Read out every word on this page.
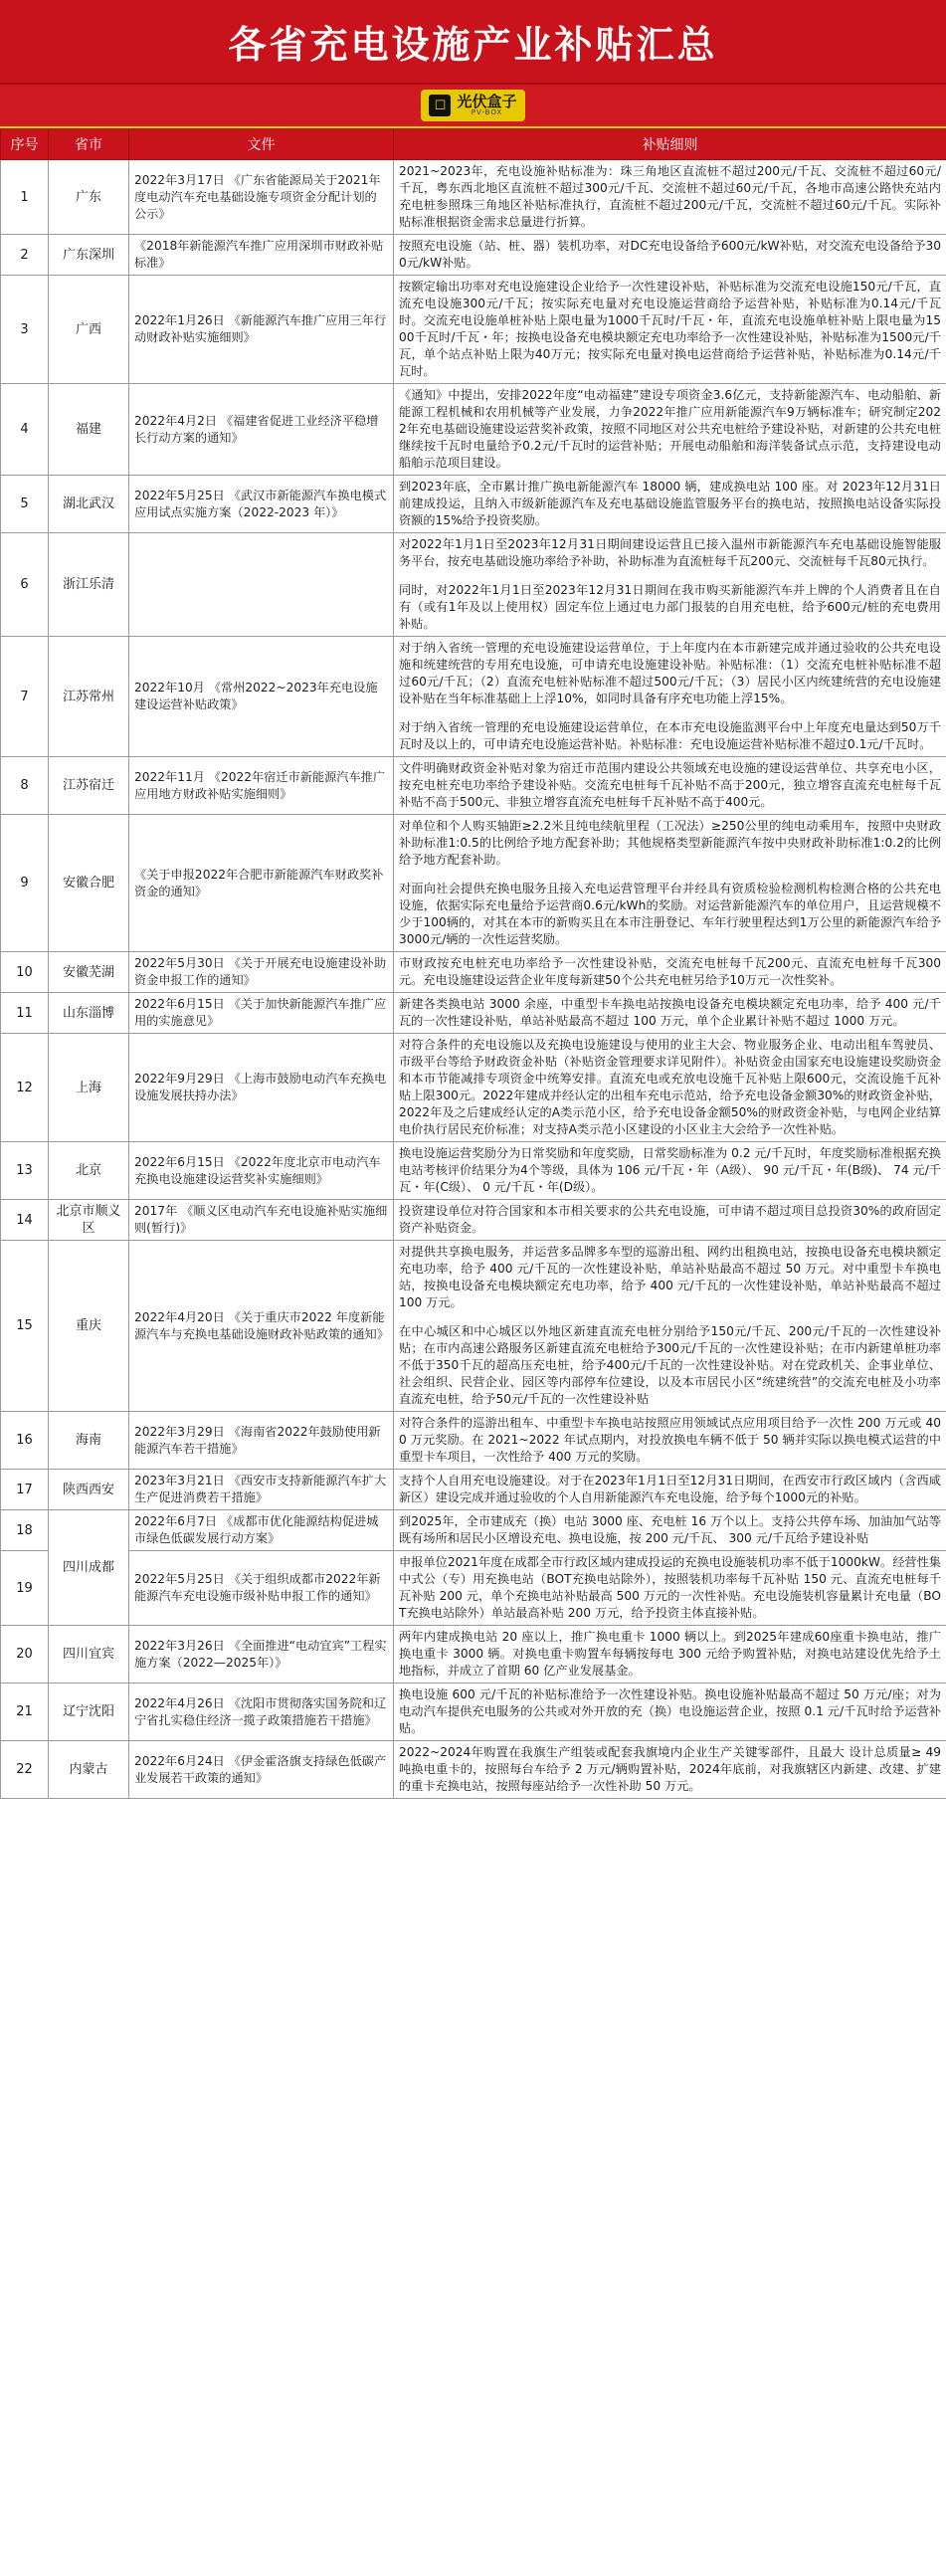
各省充电设施产业补贴汇总
☐ 光伏盒子
PV-BOX
序号	省市	文件	补贴细则
1	广东	2022年3月17日 《广东省能源局关于2021年度电动汽车充电基础设施专项资金分配计划的公示》	2021~2023年，充电设施补贴标准为：珠三角地区直流桩不超过200元/千瓦、交流桩不超过60元/千瓦，粤东西北地区直流桩不超过300元/千瓦、交流桩不超过60元/千瓦，各地市高速公路快充站内充电桩参照珠三角地区补贴标准执行，直流桩不超过200元/千瓦，交流桩不超过60元/千瓦。实际补贴标准根据资金需求总量进行折算。

2	广东深圳	《2018年新能源汽车推广应用深圳市财政补贴标准》	按照充电设施（站、桩、器）装机功率，对DC充电设备给予600元/kW补贴，对交流充电设备给予300元/kW补贴。

3	广西	2022年1月26日 《新能源汽车推广应用三年行动财政补贴实施细则》	按额定输出功率对充电设施建设企业给予一次性建设补贴，补贴标准为交流充电设施150元/千瓦，直流充电设施300元/千瓦；按实际充电量对充电设施运营商给予运营补贴，补贴标准为0.14元/千瓦时。交流充电设施单桩补贴上限电量为1000千瓦时/千瓦・年，直流充电设施单桩补贴上限电量为1500千瓦时/千瓦・年；按换电设备充电模块额定充电功率给予一次性建设补贴，补贴标准为1500元/千瓦，单个站点补贴上限为40万元；按实际充电量对换电运营商给予运营补贴，补贴标准为0.14元/千瓦时。

4	福建	2022年4月2日 《福建省促进工业经济平稳增长行动方案的通知》	《通知》中提出，安排2022年度“电动福建”建设专项资金3.6亿元，支持新能源汽车、电动船舶、新能源工程机械和农用机械等产业发展，力争2022年推广应用新能源汽车9万辆标准车；研究制定2022年充电基础设施建设运营奖补政策，按照不同地区对公共充电桩给予建设补贴，对新建的公共充电桩继续按千瓦时电量给予0.2元/千瓦时的运营补贴；开展电动船舶和海洋装备试点示范，支持建设电动船舶示范项目建设。

5	湖北武汉	2022年5月25日 《武汉市新能源汽车换电模式应用试点实施方案（2022-2023 年）》	到2023年底，全市累计推广换电新能源汽车 18000 辆，建成换电站 100 座。对 2023年12月31日前建成投运，且纳入市级新能源汽车及充电基础设施监管服务平台的换电站，按照换电站设备实际投资额的15%给予投资奖励。

6	浙江乐清		对2022年1月1日至2023年12月31日期间建设运营且已接入温州市新能源汽车充电基础设施智能服务平台，按充电基础设施功率给予补助，补助标准为直流桩每千瓦200元、交流桩每千瓦80元执行。
同时，对2022年1月1日至2023年12月31日期间在我市购买新能源汽车并上牌的个人消费者且在自有（或有1年及以上使用权）固定车位上通过电力部门报装的自用充电桩，给予600元/桩的充电费用补贴。

7	江苏常州	2022年10月 《常州2022~2023年充电设施建设运营补贴政策》	对于纳入省统一管理的充电设施建设运营单位，于上年度内在本市新建完成并通过验收的公共充电设施和统建统营的专用充电设施，可申请充电设施建设补贴。补贴标准：（1）交流充电桩补贴标准不超过60元/千瓦；（2）直流充电桩补贴标准不超过500元/千瓦；（3）居民小区内统建统营的充电设施建设补贴在当年标准基础上上浮10%，如同时具备有序充电功能上浮15%。
对于纳入省统一管理的充电设施建设运营单位，在本市充电设施监测平台中上年度充电量达到50万千瓦时及以上的，可申请充电设施运营补贴。补贴标准：充电设施运营补贴标准不超过0.1元/千瓦时。

8	江苏宿迁	2022年11月 《2022年宿迁市新能源汽车推广应用地方财政补贴实施细则》	文件明确财政资金补贴对象为宿迁市范围内建设公共领域充电设施的建设运营单位、共享充电小区，按充电桩充电功率给予建设补贴。交流充电桩每千瓦补贴不高于200元，独立增容直流充电桩每千瓦补贴不高于500元、非独立增容直流充电桩每千瓦补贴不高于400元。

9	安徽合肥	《关于申报2022年合肥市新能源汽车财政奖补资金的通知》	对单位和个人购买轴距≥2.2米且纯电续航里程（工况法）≥250公里的纯电动乘用车，按照中央财政补助标准1:0.5的比例给予地方配套补助；其他规格类型新能源汽车按中央财政补助标准1:0.2的比例给予地方配套补助。
对面向社会提供充换电服务且接入充电运营管理平台并经具有资质检验检测机构检测合格的公共充电设施，依据实际充电量给予运营商0.6元/kWh的奖励。对运营新能源汽车的单位用户，且运营规模不少于100辆的，对其在本市的新购买且在本市注册登记、车年行驶里程达到1万公里的新能源汽车给予3000元/辆的一次性运营奖励。

10	安徽芜湖	2022年5月30日 《关于开展充电设施建设补助资金申报工作的通知》	市财政按充电桩充电功率给予一次性建设补贴，交流充电桩每千瓦200元、直流充电桩每千瓦300元。充电设施建设运营企业年度每新建50个公共充电桩另给予10万元一次性奖补。

11	山东淄博	2022年6月15日 《关于加快新能源汽车推广应用的实施意见》	新建各类换电站 3000 余座，中重型卡车换电站按换电设备充电模块额定充电功率，给予 400 元/千瓦的一次性建设补贴，单站补贴最高不超过 100 万元，单个企业累计补贴不超过 1000 万元。

12	上海	2022年9月29日 《上海市鼓励电动汽车充换电设施发展扶持办法》	对符合条件的充电设施以及充换电设施建设与使用的业主大会、物业服务企业、电动出租车驾驶员、市级平台等给予财政资金补贴（补贴资金管理要求详见附件）。补贴资金由国家充电设施建设奖励资金和本市节能减排专项资金中统筹安排。直流充电或充放电设施千瓦补贴上限600元，交流设施千瓦补贴上限300元。2022年建成并经认定的出租车充电示范站，给予充电设备金额30%的财政资金补贴，2022年及之后建成经认定的A类示范小区，给予充电设备金额50%的财政资金补贴，与电网企业结算电价执行居民充价标准；对支持A类示范小区建设的小区业主大会给予一次性补贴。

13	北京	2022年6月15日 《2022年度北京市电动汽车充换电设施建设运营奖补实施细则》	换电设施运营奖励分为日常奖励和年度奖励，日常奖励标准为 0.2 元/千瓦时，年度奖励标准根据充换电站考核评价结果分为4个等级，具体为 106 元/千瓦・年（A级）、 90 元/千瓦・年(B级)、 74 元/千瓦・年(C级）、 0 元/千瓦・年(D级）。

14	北京市顺义区	2017年 《顺义区电动汽车充电设施补贴实施细则(暂行)》	投资建设单位对符合国家和本市相关要求的公共充电设施，可申请不超过项目总投资30%的政府固定资产补贴资金。

15	重庆	2022年4月20日 《关于重庆市2022 年度新能源汽车与充换电基础设施财政补贴政策的通知》	对提供共享换电服务，并运营多品牌多车型的巡游出租、网约出租换电站，按换电设备充电模块额定充电功率，给予 400 元/千瓦的一次性建设补贴，单站补贴最高不超过 50 万元。对中重型卡车换电站，按换电设备充电模块额定充电功率，给予 400 元/千瓦的一次性建设补贴，单站补贴最高不超过 100 万元。
在中心城区和中心城区以外地区新建直流充电桩分别给予150元/千瓦、200元/千瓦的一次性建设补贴；在市内高速公路服务区新建直流充电桩给予300元/千瓦的一次性建设补贴；在市内新建单桩功率不低于350千瓦的超高压充电桩，给予400元/千瓦的一次性建设补贴。对在党政机关、企事业单位、社会组织、民营企业、园区等内部停车位建设，以及本市居民小区“统建统营”的交流充电桩及小功率直流充电桩，给予50元/千瓦的一次性建设补贴

16	海南	2022年3月29日 《海南省2022年鼓励使用新能源汽车若干措施》	对符合条件的巡游出租车、中重型卡车换电站按照应用领域试点应用项目给予一次性 200 万元或 400 万元奖励。在 2021~2022 年试点期内，对投放换电车辆不低于 50 辆并实际以换电模式运营的中重型卡车项目，一次性给予 400 万元的奖励。

17	陕西西安	2023年3月21日 《西安市支持新能源汽车扩大生产促进消费若干措施》	支持个人自用充电设施建设。对于在2023年1月1日至12月31日期间，在西安市行政区域内（含西咸新区）建设完成并通过验收的个人自用新能源汽车充电设施，给予每个1000元的补贴。

18	四川成都	2022年6月7日 《成都市优化能源结构促进城市绿色低碳发展行动方案》	到2025年，全市建成充（换）电站 3000 座、充电桩 16 万个以上。支持公共停车场、加油加气站等既有场所和居民小区增设充电、换电设施，按 200 元/千瓦、 300 元/千瓦给予建设补贴

19		2022年5月25日 《关于组织成都市2022年新能源汽车充电设施市级补贴申报工作的通知》	申报单位2021年度在成都全市行政区域内建成投运的充换电设施装机功率不低于1000kW。经营性集中式公（专）用充换电站（BOT充换电站除外），按照装机功率每千瓦补贴 150 元、直流充电桩每千瓦补贴 200 元，单个充换电站补贴最高 500 万元的一次性补贴。充电设施装机容量累计充电量（BOT充换电站除外）单站最高补贴 200 万元，给予投资主体直接补贴。

20	四川宜宾	2022年3月26日 《全面推进“电动宜宾”工程实施方案（2022—2025年）》	两年内建成换电站 20 座以上，推广换电重卡 1000 辆以上。到2025年建成60座重卡换电站，推广换电重卡 3000 辆。对换电重卡购置车每辆按每电 300 元给予购置补贴，对换电站建设优先给予土地指标，并成立了首期 60 亿产业发展基金。

21	辽宁沈阳	2022年4月26日 《沈阳市贯彻落实国务院和辽宁省扎实稳住经济一揽子政策措施若干措施》	换电设施 600 元/千瓦的补贴标准给予一次性建设补贴。换电设施补贴最高不超过 50 万元/座；对为电动汽车提供充电服务的公共或对外开放的充（换）电设施运营企业，按照 0.1 元/千瓦时给予运营补贴。

22	内蒙古	2022年6月24日 《伊金霍洛旗支持绿色低碳产业发展若干政策的通知》	2022~2024年购置在我旗生产组装或配套我旗境内企业生产关键零部件，且最大 设计总质量≥ 49 吨换电重卡的，按照每台车给予 2 万元/辆购置补贴，2024年底前，对我旗辖区内新建、改建、扩建的重卡充换电站，按照每座站给予一次性补助 50 万元。
